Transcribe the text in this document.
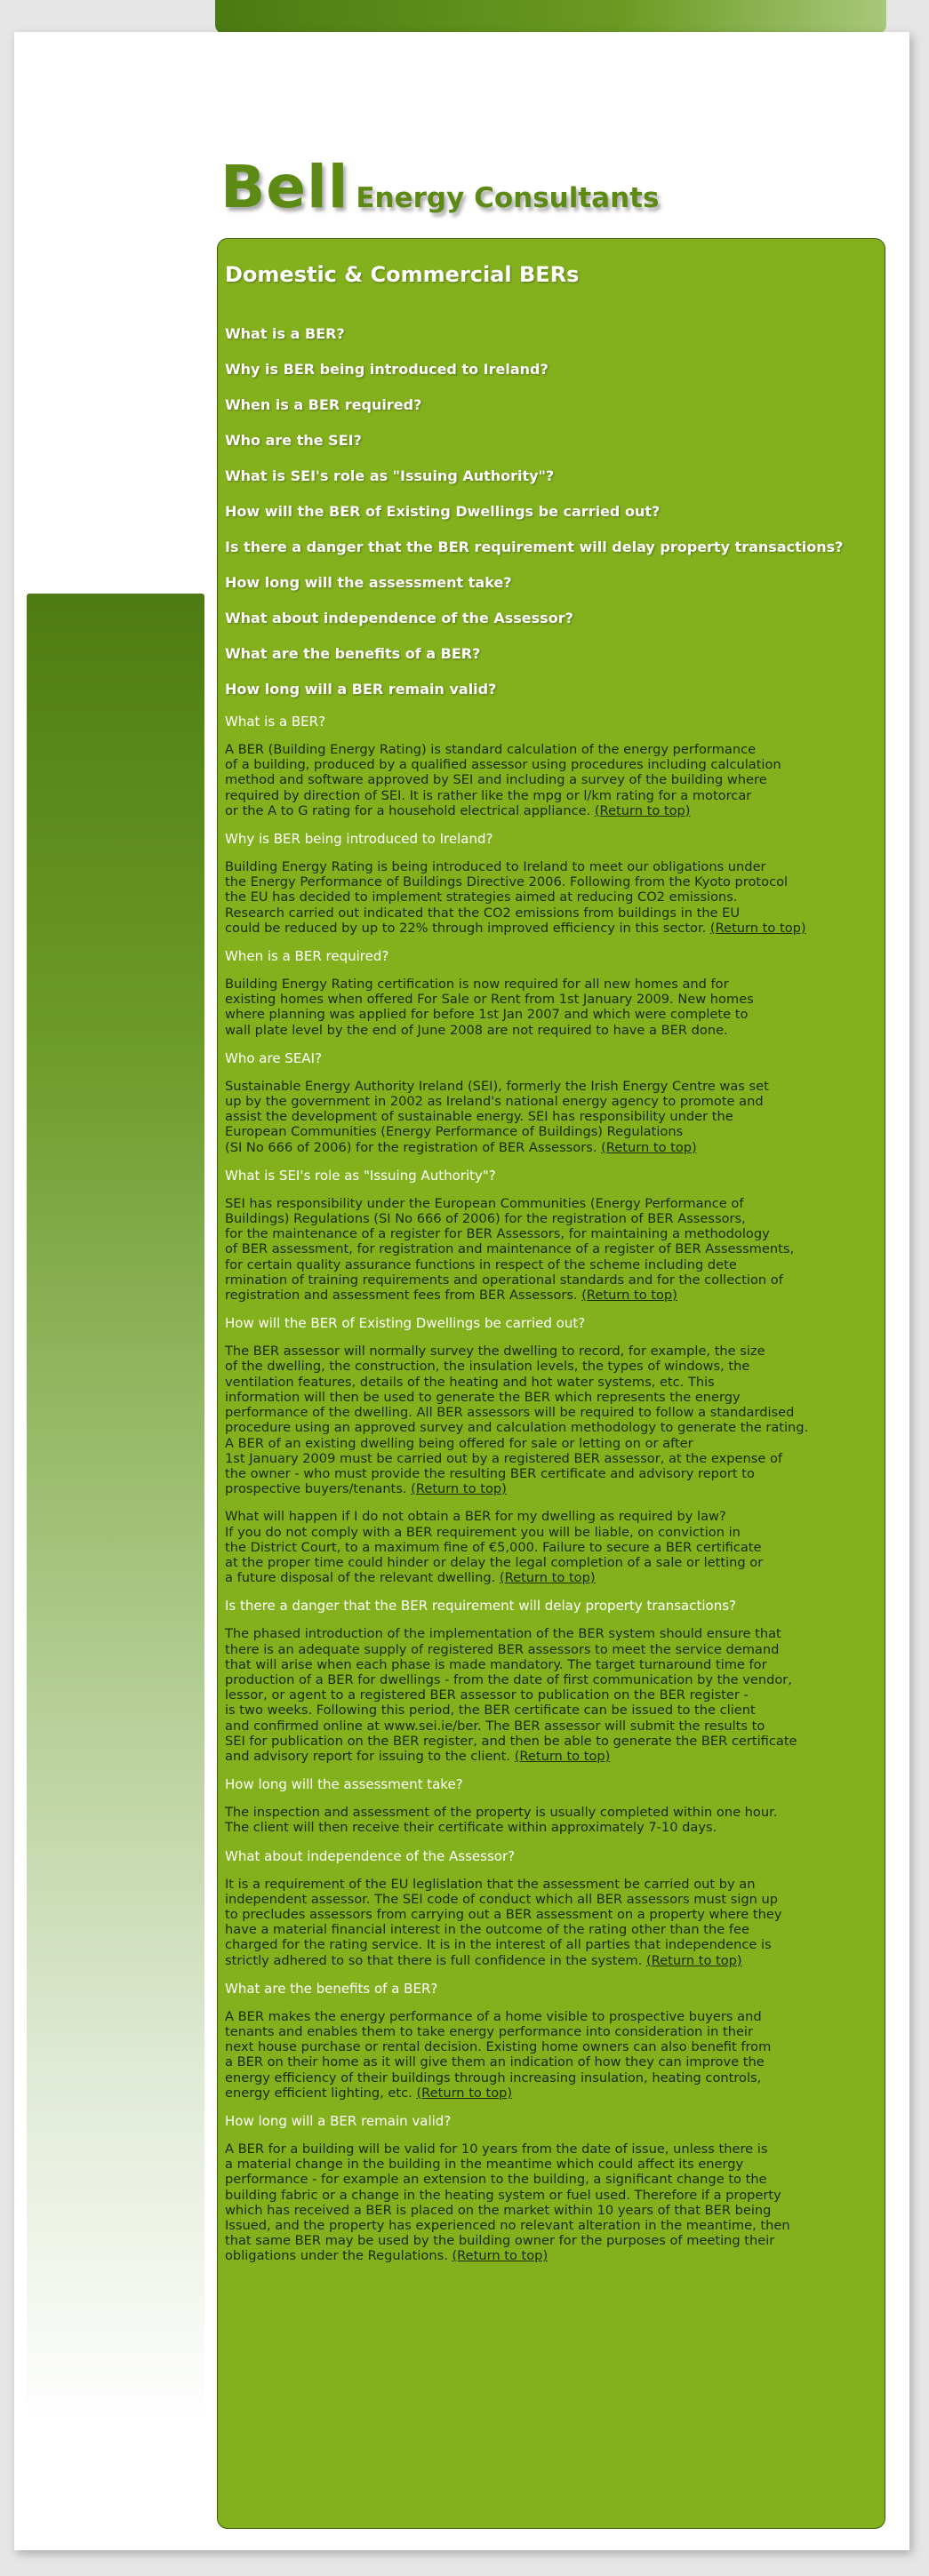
Bell Energy Consultants
Domestic & Commercial BERs
What is a BER?
Why is BER being introduced to Ireland?
When is a BER required?
Who are the SEI?
What is SEI's role as "Issuing Authority"?
How will the BER of Existing Dwellings be carried out?
Is there a danger that the BER requirement will delay property transactions?
How long will the assessment take?
What about independence of the Assessor?
What are the benefits of a BER?
How long will a BER remain valid?
What is a BER?
A BER (Building Energy Rating) is standard calculation of the energy performance
of a building, produced by a qualified assessor using procedures including calculation
method and software approved by SEI and including a survey of the building where
required by direction of SEI. It is rather like the mpg or l/km rating for a motorcar
or the A to G rating for a household electrical appliance. (Return to top)
Why is BER being introduced to Ireland?
Building Energy Rating is being introduced to Ireland to meet our obligations under
the Energy Performance of Buildings Directive 2006. Following from the Kyoto protocol
the EU has decided to implement strategies aimed at reducing CO2 emissions.
Research carried out indicated that the CO2 emissions from buildings in the EU
could be reduced by up to 22% through improved efficiency in this sector. (Return to top)
When is a BER required?
Building Energy Rating certification is now required for all new homes and for
existing homes when offered For Sale or Rent from 1st January 2009. New homes
where planning was applied for before 1st Jan 2007 and which were complete to
wall plate level by the end of June 2008 are not required to have a BER done.
Who are SEAI?
Sustainable Energy Authority Ireland (SEI), formerly the Irish Energy Centre was set
up by the government in 2002 as Ireland's national energy agency to promote and
assist the development of sustainable energy. SEI has responsibility under the
European Communities (Energy Performance of Buildings) Regulations
(SI No 666 of 2006) for the registration of BER Assessors. (Return to top)
What is SEI's role as "Issuing Authority"?
SEI has responsibility under the European Communities (Energy Performance of
Buildings) Regulations (SI No 666 of 2006) for the registration of BER Assessors,
for the maintenance of a register for BER Assessors, for maintaining a methodology
of BER assessment, for registration and maintenance of a register of BER Assessments,
for certain quality assurance functions in respect of the scheme including dete
rmination of training requirements and operational standards and for the collection of
registration and assessment fees from BER Assessors. (Return to top)
How will the BER of Existing Dwellings be carried out?
The BER assessor will normally survey the dwelling to record, for example, the size
of the dwelling, the construction, the insulation levels, the types of windows, the
ventilation features, details of the heating and hot water systems, etc. This
information will then be used to generate the BER which represents the energy
performance of the dwelling. All BER assessors will be required to follow a standardised
procedure using an approved survey and calculation methodology to generate the rating.
A BER of an existing dwelling being offered for sale or letting on or after
1st January 2009 must be carried out by a registered BER assessor, at the expense of
the owner - who must provide the resulting BER certificate and advisory report to
prospective buyers/tenants. (Return to top)
What will happen if I do not obtain a BER for my dwelling as required by law?
If you do not comply with a BER requirement you will be liable, on conviction in
the District Court, to a maximum fine of €5,000. Failure to secure a BER certificate
at the proper time could hinder or delay the legal completion of a sale or letting or
a future disposal of the relevant dwelling. (Return to top)
Is there a danger that the BER requirement will delay property transactions?
The phased introduction of the implementation of the BER system should ensure that
there is an adequate supply of registered BER assessors to meet the service demand
that will arise when each phase is made mandatory. The target turnaround time for
production of a BER for dwellings - from the date of first communication by the vendor,
lessor, or agent to a registered BER assessor to publication on the BER register -
is two weeks. Following this period, the BER certificate can be issued to the client
and confirmed online at www.sei.ie/ber. The BER assessor will submit the results to
SEI for publication on the BER register, and then be able to generate the BER certificate
and advisory report for issuing to the client. (Return to top)
How long will the assessment take?
The inspection and assessment of the property is usually completed within one hour.
The client will then receive their certificate within approximately 7-10 days.
What about independence of the Assessor?
It is a requirement of the EU leglislation that the assessment be carried out by an
independent assessor. The SEI code of conduct which all BER assessors must sign up
to precludes assessors from carrying out a BER assessment on a property where they
have a material financial interest in the outcome of the rating other than the fee
charged for the rating service. It is in the interest of all parties that independence is
strictly adhered to so that there is full confidence in the system. (Return to top)
What are the benefits of a BER?
A BER makes the energy performance of a home visible to prospective buyers and
tenants and enables them to take energy performance into consideration in their
next house purchase or rental decision. Existing home owners can also benefit from
a BER on their home as it will give them an indication of how they can improve the
energy efficiency of their buildings through increasing insulation, heating controls,
energy efficient lighting, etc. (Return to top)
How long will a BER remain valid?
A BER for a building will be valid for 10 years from the date of issue, unless there is
a material change in the building in the meantime which could affect its energy
performance - for example an extension to the building, a significant change to the
building fabric or a change in the heating system or fuel used. Therefore if a property
which has received a BER is placed on the market within 10 years of that BER being
Issued, and the property has experienced no relevant alteration in the meantime, then
that same BER may be used by the building owner for the purposes of meeting their
obligations under the Regulations. (Return to top)
